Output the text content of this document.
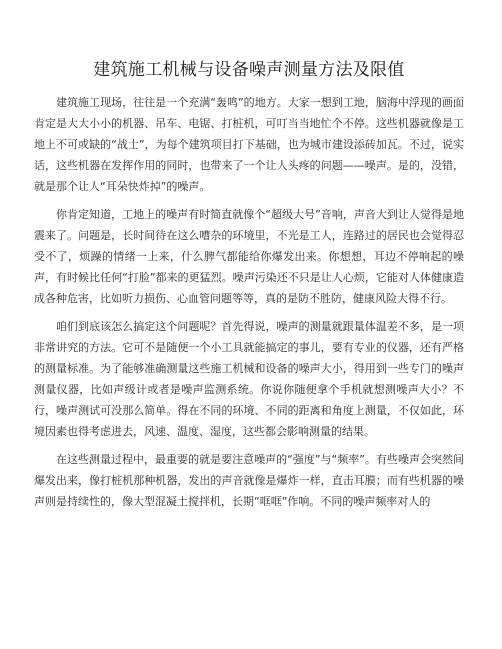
建筑施工机械与设备噪声测量方法及限值

建筑施工现场，往往是一个充满“轰鸣”的地方。大家一想到工地，脑海中浮现的画面肯定是大大小小的机器、吊车、电锯、打桩机，可叮当当地忙个不停。这些机器就像是工地上不可或缺的“战士”，为每个建筑项目打下基础，也为城市建设添砖加瓦。不过，说实话，这些机器在发挥作用的同时，也带来了一个让人头疼的问题——噪声。是的，没错，就是那个让人“耳朵快炸掉”的噪声。

你肯定知道，工地上的噪声有时简直就像个“超级大号”音响，声音大到让人觉得是地震来了。问题是，长时间待在这么嘈杂的环境里，不光是工人，连路过的居民也会觉得忍受不了，烦躁的情绪一上来，什么脾气都能给你爆发出来。你想想，耳边不停响起的噪声，有时候比任何“打脸”都来的更猛烈。噪声污染还不只是让人心烦，它能对人体健康造成各种危害，比如听力损伤、心血管问题等等，真的是防不胜防，健康风险大得不行。

咱们到底该怎么搞定这个问题呢？首先得说，噪声的测量就跟量体温差不多，是一项非常讲究的方法。它可不是随便一个小工具就能搞定的事儿，要有专业的仪器，还有严格的测量标准。为了能够准确测量这些施工机械和设备的噪声大小，得用到一些专门的噪声测量仪器，比如声级计或者是噪声监测系统。你说你随便拿个手机就想测噪声大小？不行，噪声测试可没那么简单。得在不同的环境、不同的距离和角度上测量，不仅如此，环境因素也得考虑进去，风速、温度、湿度，这些都会影响测量的结果。

在这些测量过程中，最重要的就是要注意噪声的“强度”与“频率”。有些噪声会突然间爆发出来，像打桩机那种机器，发出的声音就像是爆炸一样，直击耳膜；而有些机器的噪声则是持续性的，像大型混凝土搅拌机，长期“哐哐”作响。不同的噪声频率对人的
